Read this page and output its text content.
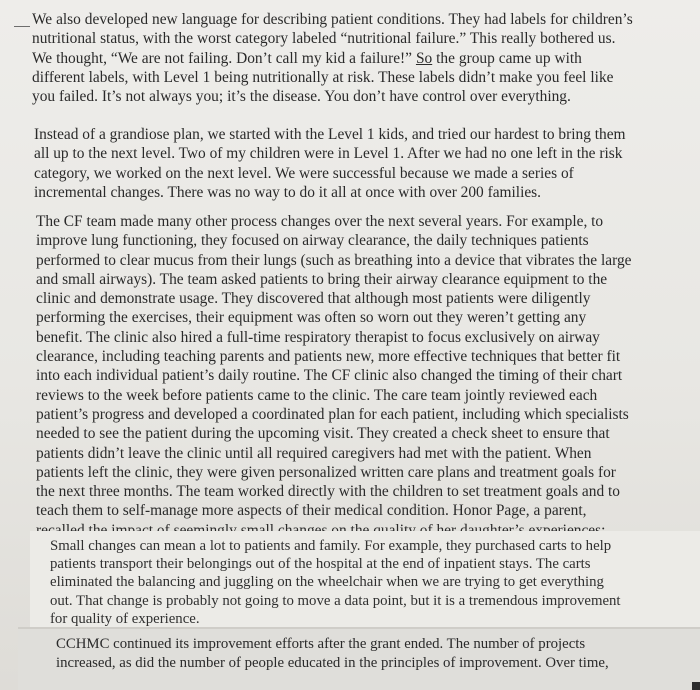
We also developed new language for describing patient conditions. They had labels for children’s
nutritional status, with the worst category labeled “nutritional failure.” This really bothered us.
We thought, “We are not failing. Don’t call my kid a failure!” So the group came up with
different labels, with Level 1 being nutritionally at risk. These labels didn’t make you feel like
you failed. It’s not always you; it’s the disease. You don’t have control over everything.
Instead of a grandiose plan, we started with the Level 1 kids, and tried our hardest to bring them
all up to the next level. Two of my children were in Level 1. After we had no one left in the risk
category, we worked on the next level. We were successful because we made a series of
incremental changes. There was no way to do it all at once with over 200 families.
The CF team made many other process changes over the next several years. For example, to
improve lung functioning, they focused on airway clearance, the daily techniques patients
performed to clear mucus from their lungs (such as breathing into a device that vibrates the large
and small airways). The team asked patients to bring their airway clearance equipment to the
clinic and demonstrate usage. They discovered that although most patients were diligently
performing the exercises, their equipment was often so worn out they weren’t getting any
benefit. The clinic also hired a full-time respiratory therapist to focus exclusively on airway
clearance, including teaching parents and patients new, more effective techniques that better fit
into each individual patient’s daily routine. The CF clinic also changed the timing of their chart
reviews to the week before patients came to the clinic. The care team jointly reviewed each
patient’s progress and developed a coordinated plan for each patient, including which specialists
needed to see the patient during the upcoming visit. They created a check sheet to ensure that
patients didn’t leave the clinic until all required caregivers had met with the patient. When
patients left the clinic, they were given personalized written care plans and treatment goals for
the next three months. The team worked directly with the children to set treatment goals and to
teach them to self-manage more aspects of their medical condition. Honor Page, a parent,
Small changes can mean a lot to patients and family. For example, they purchased carts to help
patients transport their belongings out of the hospital at the end of inpatient stays. The carts
eliminated the balancing and juggling on the wheelchair when we are trying to get everything
out. That change is probably not going to move a data point, but it is a tremendous improvement
for quality of experience.
CCHMC continued its improvement efforts after the grant ended. The number of projects
increased, as did the number of people educated in the principles of improvement. Over time,
